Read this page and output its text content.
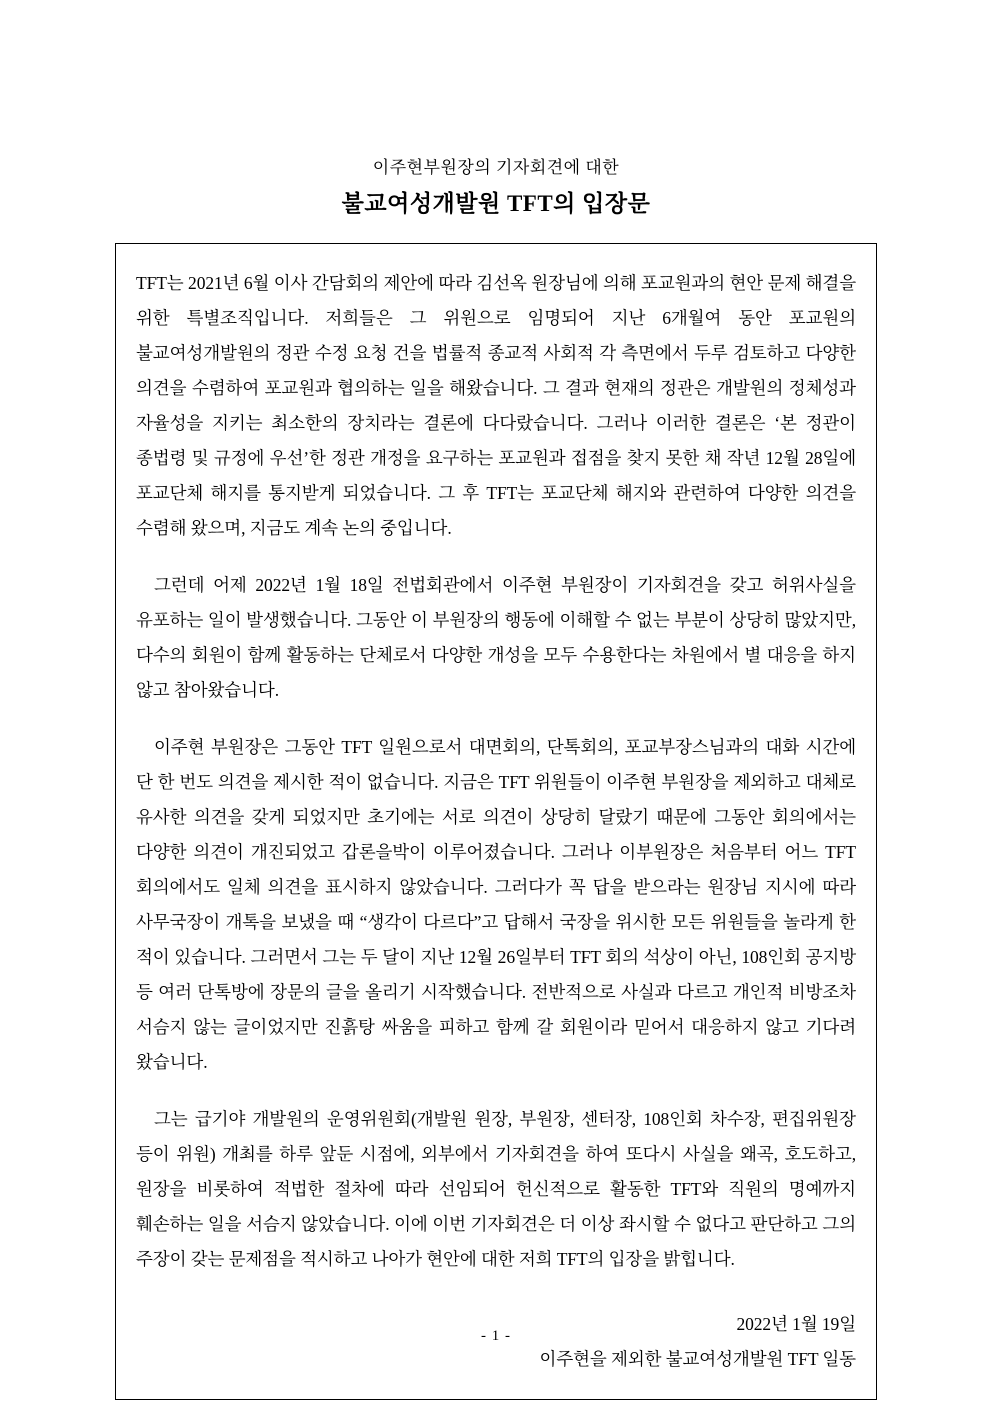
이주현부원장의 기자회견에 대한
불교여성개발원 TFT의 입장문

TFT는 2021년 6월 이사 간담회의 제안에 따라 김선옥 원장님에 의해 포교원과의 현안 문제 해결을 위한 특별조직입니다. 저희들은 그 위원으로 임명되어 지난 6개월여 동안 포교원의 불교여성개발원의 정관 수정 요청 건을 법률적 종교적 사회적 각 측면에서 두루 검토하고 다양한 의견을 수렴하여 포교원과 협의하는 일을 해왔습니다. 그 결과 현재의 정관은 개발원의 정체성과 자율성을 지키는 최소한의 장치라는 결론에 다다랐습니다. 그러나 이러한 결론은 ‘본 정관이 종법령 및 규정에 우선’한 정관 개정을 요구하는 포교원과 접점을 찾지 못한 채 작년 12월 28일에 포교단체 해지를 통지받게 되었습니다. 그 후 TFT는 포교단체 해지와 관련하여 다양한 의견을 수렴해 왔으며, 지금도 계속 논의 중입니다.

그런데 어제 2022년 1월 18일 전법회관에서 이주현 부원장이 기자회견을 갖고 허위사실을 유포하는 일이 발생했습니다. 그동안 이 부원장의 행동에 이해할 수 없는 부분이 상당히 많았지만, 다수의 회원이 함께 활동하는 단체로서 다양한 개성을 모두 수용한다는 차원에서 별 대응을 하지 않고 참아왔습니다.

이주현 부원장은 그동안 TFT 일원으로서 대면회의, 단톡회의, 포교부장스님과의 대화 시간에 단 한 번도 의견을 제시한 적이 없습니다. 지금은 TFT 위원들이 이주현 부원장을 제외하고 대체로 유사한 의견을 갖게 되었지만 초기에는 서로 의견이 상당히 달랐기 때문에 그동안 회의에서는 다양한 의견이 개진되었고 갑론을박이 이루어졌습니다. 그러나 이부원장은 처음부터 어느 TFT 회의에서도 일체 의견을 표시하지 않았습니다. 그러다가 꼭 답을 받으라는 원장님 지시에 따라 사무국장이 개톡을 보냈을 때 “생각이 다르다”고 답해서 국장을 위시한 모든 위원들을 놀라게 한 적이 있습니다. 그러면서 그는 두 달이 지난 12월 26일부터 TFT 회의 석상이 아닌, 108인회 공지방 등 여러 단톡방에 장문의 글을 올리기 시작했습니다. 전반적으로 사실과 다르고 개인적 비방조차 서슴지 않는 글이었지만 진흙탕 싸움을 피하고 함께 갈 회원이라 믿어서 대응하지 않고 기다려 왔습니다.

그는 급기야 개발원의 운영위원회(개발원 원장, 부원장, 센터장, 108인회 차수장, 편집위원장 등이 위원) 개최를 하루 앞둔 시점에, 외부에서 기자회견을 하여 또다시 사실을 왜곡, 호도하고, 원장을 비롯하여 적법한 절차에 따라 선임되어 헌신적으로 활동한 TFT와 직원의 명예까지 훼손하는 일을 서슴지 않았습니다. 이에 이번 기자회견은 더 이상 좌시할 수 없다고 판단하고 그의 주장이 갖는 문제점을 적시하고 나아가 현안에 대한 저희 TFT의 입장을 밝힙니다.

2022년 1월 19일
이주현을 제외한 불교여성개발원 TFT 일동
- 1 -
